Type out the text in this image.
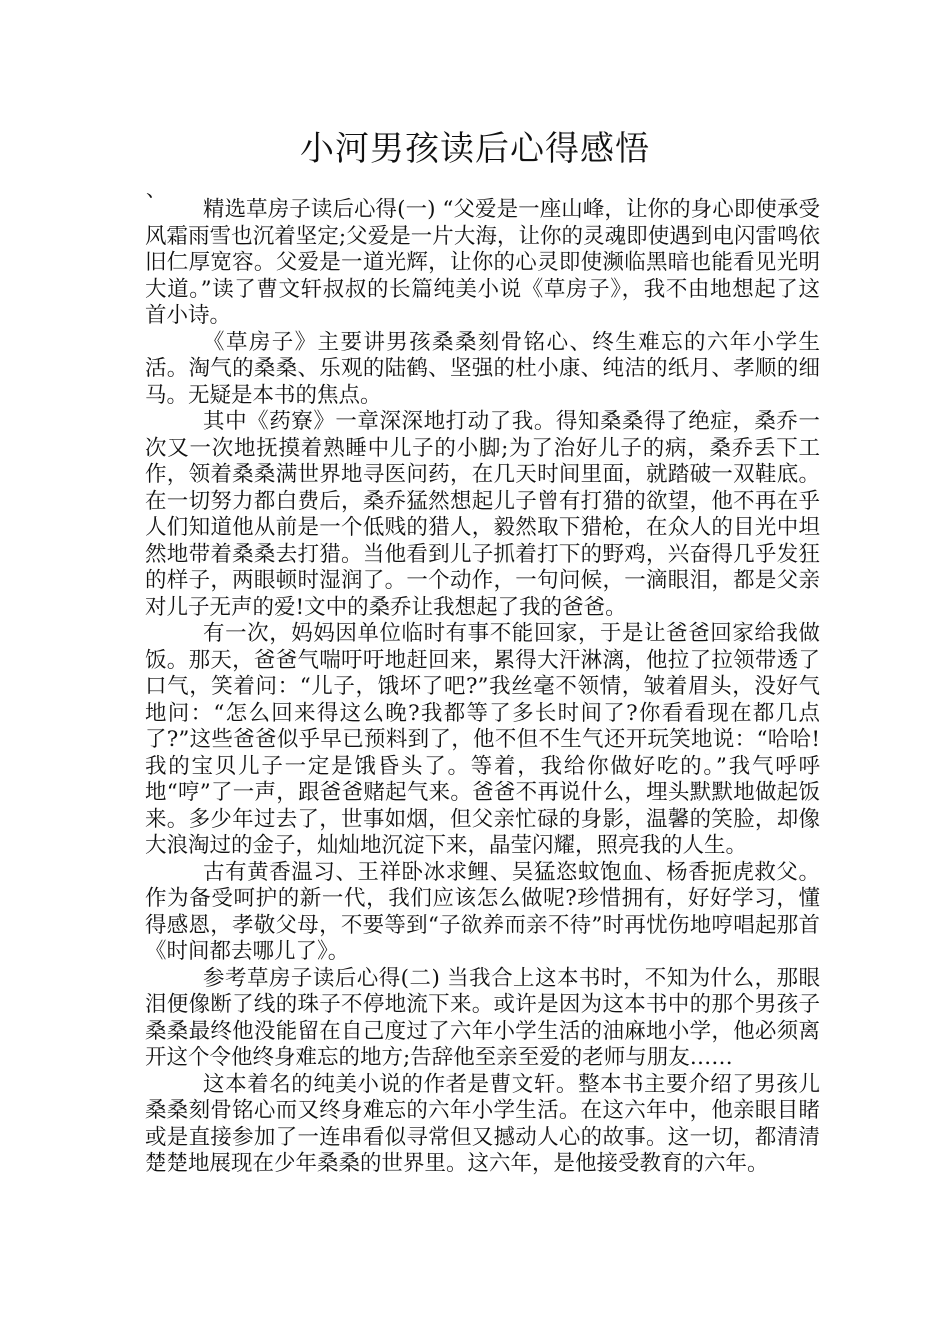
小河男孩读后心得感悟
、

精选草房子读后心得(一) “父爱是一座山峰，让你的身心即使承受风霜雨雪也沉着坚定;父爱是一片大海，让你的灵魂即使遇到电闪雷鸣依旧仁厚宽容。父爱是一道光辉，让你的心灵即使濒临黑暗也能看见光明大道。”读了曹文轩叔叔的长篇纯美小说《草房子》，我不由地想起了这首小诗。

《草房子》主要讲男孩桑桑刻骨铭心、终生难忘的六年小学生活。淘气的桑桑、乐观的陆鹤、坚强的杜小康、纯洁的纸月、孝顺的细马。无疑是本书的焦点。

其中《药寮》一章深深地打动了我。得知桑桑得了绝症，桑乔一次又一次地抚摸着熟睡中儿子的小脚;为了治好儿子的病，桑乔丢下工作，领着桑桑满世界地寻医问药，在几天时间里面，就踏破一双鞋底。在一切努力都白费后，桑乔猛然想起儿子曾有打猎的欲望，他不再在乎人们知道他从前是一个低贱的猎人，毅然取下猎枪，在众人的目光中坦然地带着桑桑去打猎。当他看到儿子抓着打下的野鸡，兴奋得几乎发狂的样子，两眼顿时湿润了。一个动作，一句问候，一滴眼泪，都是父亲对儿子无声的爱!文中的桑乔让我想起了我的爸爸。

有一次，妈妈因单位临时有事不能回家，于是让爸爸回家给我做饭。那天，爸爸气喘吁吁地赶回来，累得大汗淋漓，他拉了拉领带透了口气，笑着问：“儿子，饿坏了吧?”我丝毫不领情，皱着眉头，没好气地问：“怎么回来得这么晚?我都等了多长时间了?你看看现在都几点了?”这些爸爸似乎早已预料到了，他不但不生气还开玩笑地说：“哈哈!我的宝贝儿子一定是饿昏头了。等着，我给你做好吃的。”我气呼呼地“哼”了一声，跟爸爸赌起气来。爸爸不再说什么，埋头默默地做起饭来。多少年过去了，世事如烟，但父亲忙碌的身影，温馨的笑脸，却像大浪淘过的金子，灿灿地沉淀下来，晶莹闪耀，照亮我的人生。

古有黄香温习、王祥卧冰求鲤、吴猛恣蚊饱血、杨香扼虎救父。作为备受呵护的新一代，我们应该怎么做呢?珍惜拥有，好好学习，懂得感恩，孝敬父母，不要等到“子欲养而亲不待”时再忧伤地哼唱起那首《时间都去哪儿了》。

参考草房子读后心得(二) 当我合上这本书时，不知为什么，那眼泪便像断了线的珠子不停地流下来。或许是因为这本书中的那个男孩子桑桑最终他没能留在自己度过了六年小学生活的油麻地小学，他必须离开这个令他终身难忘的地方;告辞他至亲至爱的老师与朋友……

这本着名的纯美小说的作者是曹文轩。整本书主要介绍了男孩儿桑桑刻骨铭心而又终身难忘的六年小学生活。在这六年中，他亲眼目睹或是直接参加了一连串看似寻常但又撼动人心的故事。这一切，都清清楚楚地展现在少年桑桑的世界里。这六年，是他接受教育的六年。
